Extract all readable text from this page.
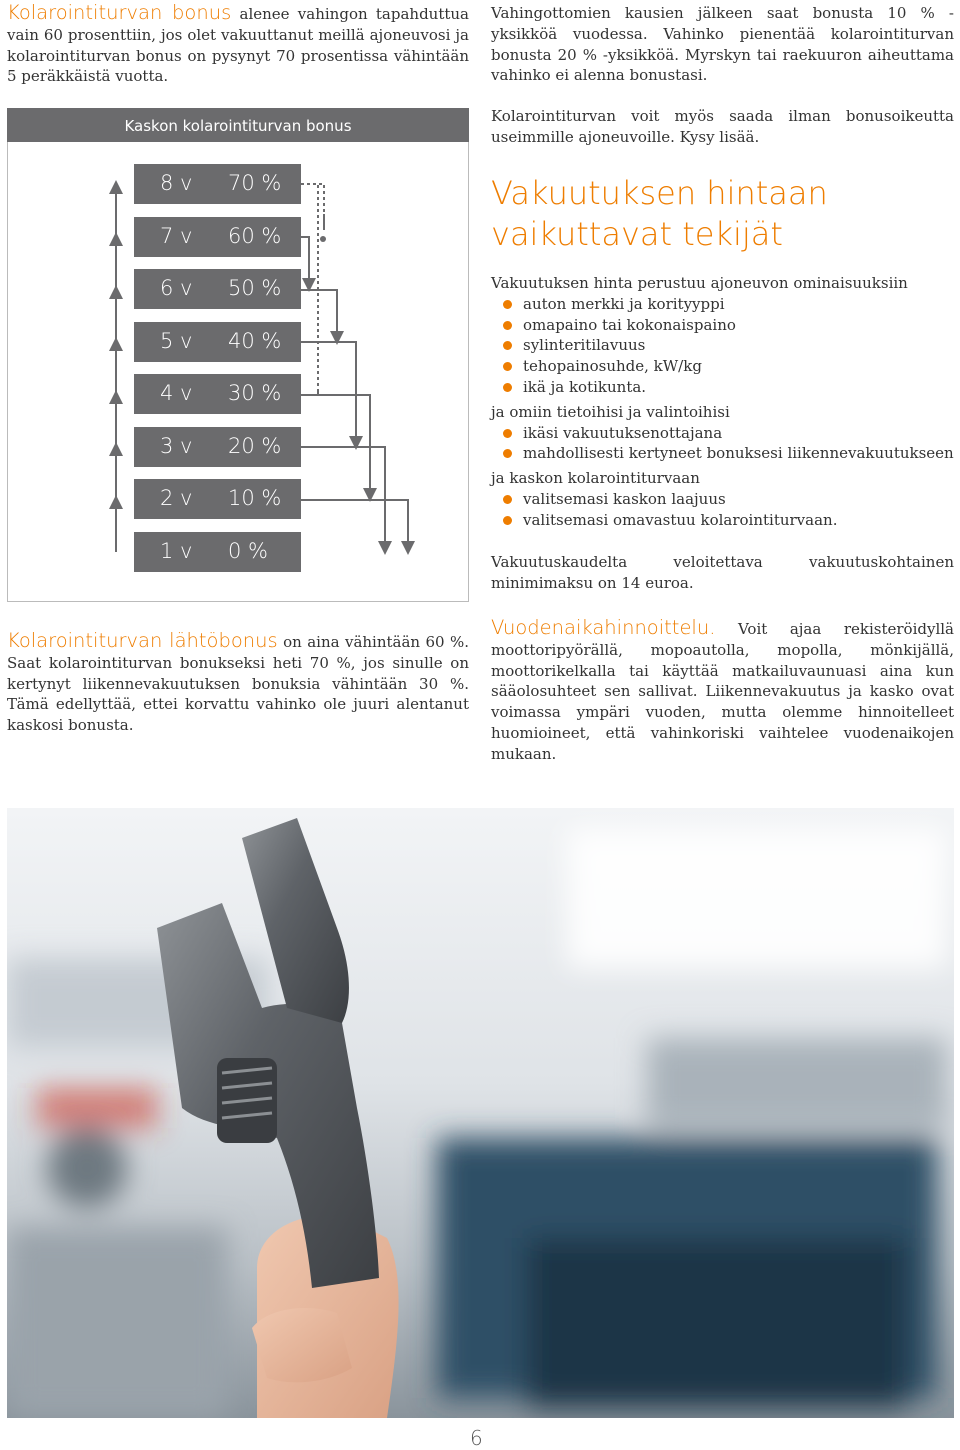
Kolarointiturvan bonus alenee vahingon tapahduttua vain 60 prosenttiin, jos olet vakuuttanut meillä ajoneuvosi ja kolarointiturvan bonus on pysynyt 70 prosentissa vähintään 5 peräkkäistä vuotta.

Kaskon kolarointiturvan bonus
8 v 70 %
7 v 60 %
6 v 50 %
5 v 40 %
4 v 30 %
3 v 20 %
2 v 10 %
1 v 0 %

Kolarointiturvan lähtöbonus on aina vähintään 60 %. Saat kolarointiturvan bonukseksi heti 70 %, jos sinulle on kertynyt liikennevakuutuksen bonuksia vähintään 30 %. Tämä edellyttää, ettei korvattu vahinko ole juuri alentanut kaskosi bonusta.

Vahingottomien kausien jälkeen saat bonusta 10 % -yksikköä vuodessa. Vahinko pienentää kolarointiturvan bonusta 20 % -yksikköä. Myrskyn tai raekuuron aiheuttama vahinko ei alenna bonustasi.

Kolarointiturvan voit myös saada ilman bonusoikeutta useimmille ajoneuvoille. Kysy lisää.

Vakuutuksen hintaan
vaikuttavat tekijät

Vakuutuksen hinta perustuu ajoneuvon ominaisuuksiin

auton merkki ja korityyppi
omapaino tai kokonaispaino
sylinteritilavuus
tehopainosuhde, kW/kg
ikä ja kotikunta.

ja omiin tietoihisi ja valintoihisi

ikäsi vakuutuksenottajana
mahdollisesti kertyneet bonuksesi liikennevakuutukseen

ja kaskon kolarointiturvaan

valitsemasi kaskon laajuus
valitsemasi omavastuu kolarointiturvaan.

Vakuutuskaudelta veloitettava vakuutuskohtainen minimimaksu on 14 euroa.

Vuodenaikahinnoittelu. Voit ajaa rekisteröidyllä moottoripyörällä, mopoautolla, mopolla, mönkijällä, moottorikelkalla tai käyttää matkailuvaunuasi aina kun sääolosuhteet sen sallivat. Liikennevakuutus ja kasko ovat voimassa ympäri vuoden, mutta olemme hinnoitelleet huomioineet, että vahinkoriski vaihtelee vuodenaikojen mukaan.

6
